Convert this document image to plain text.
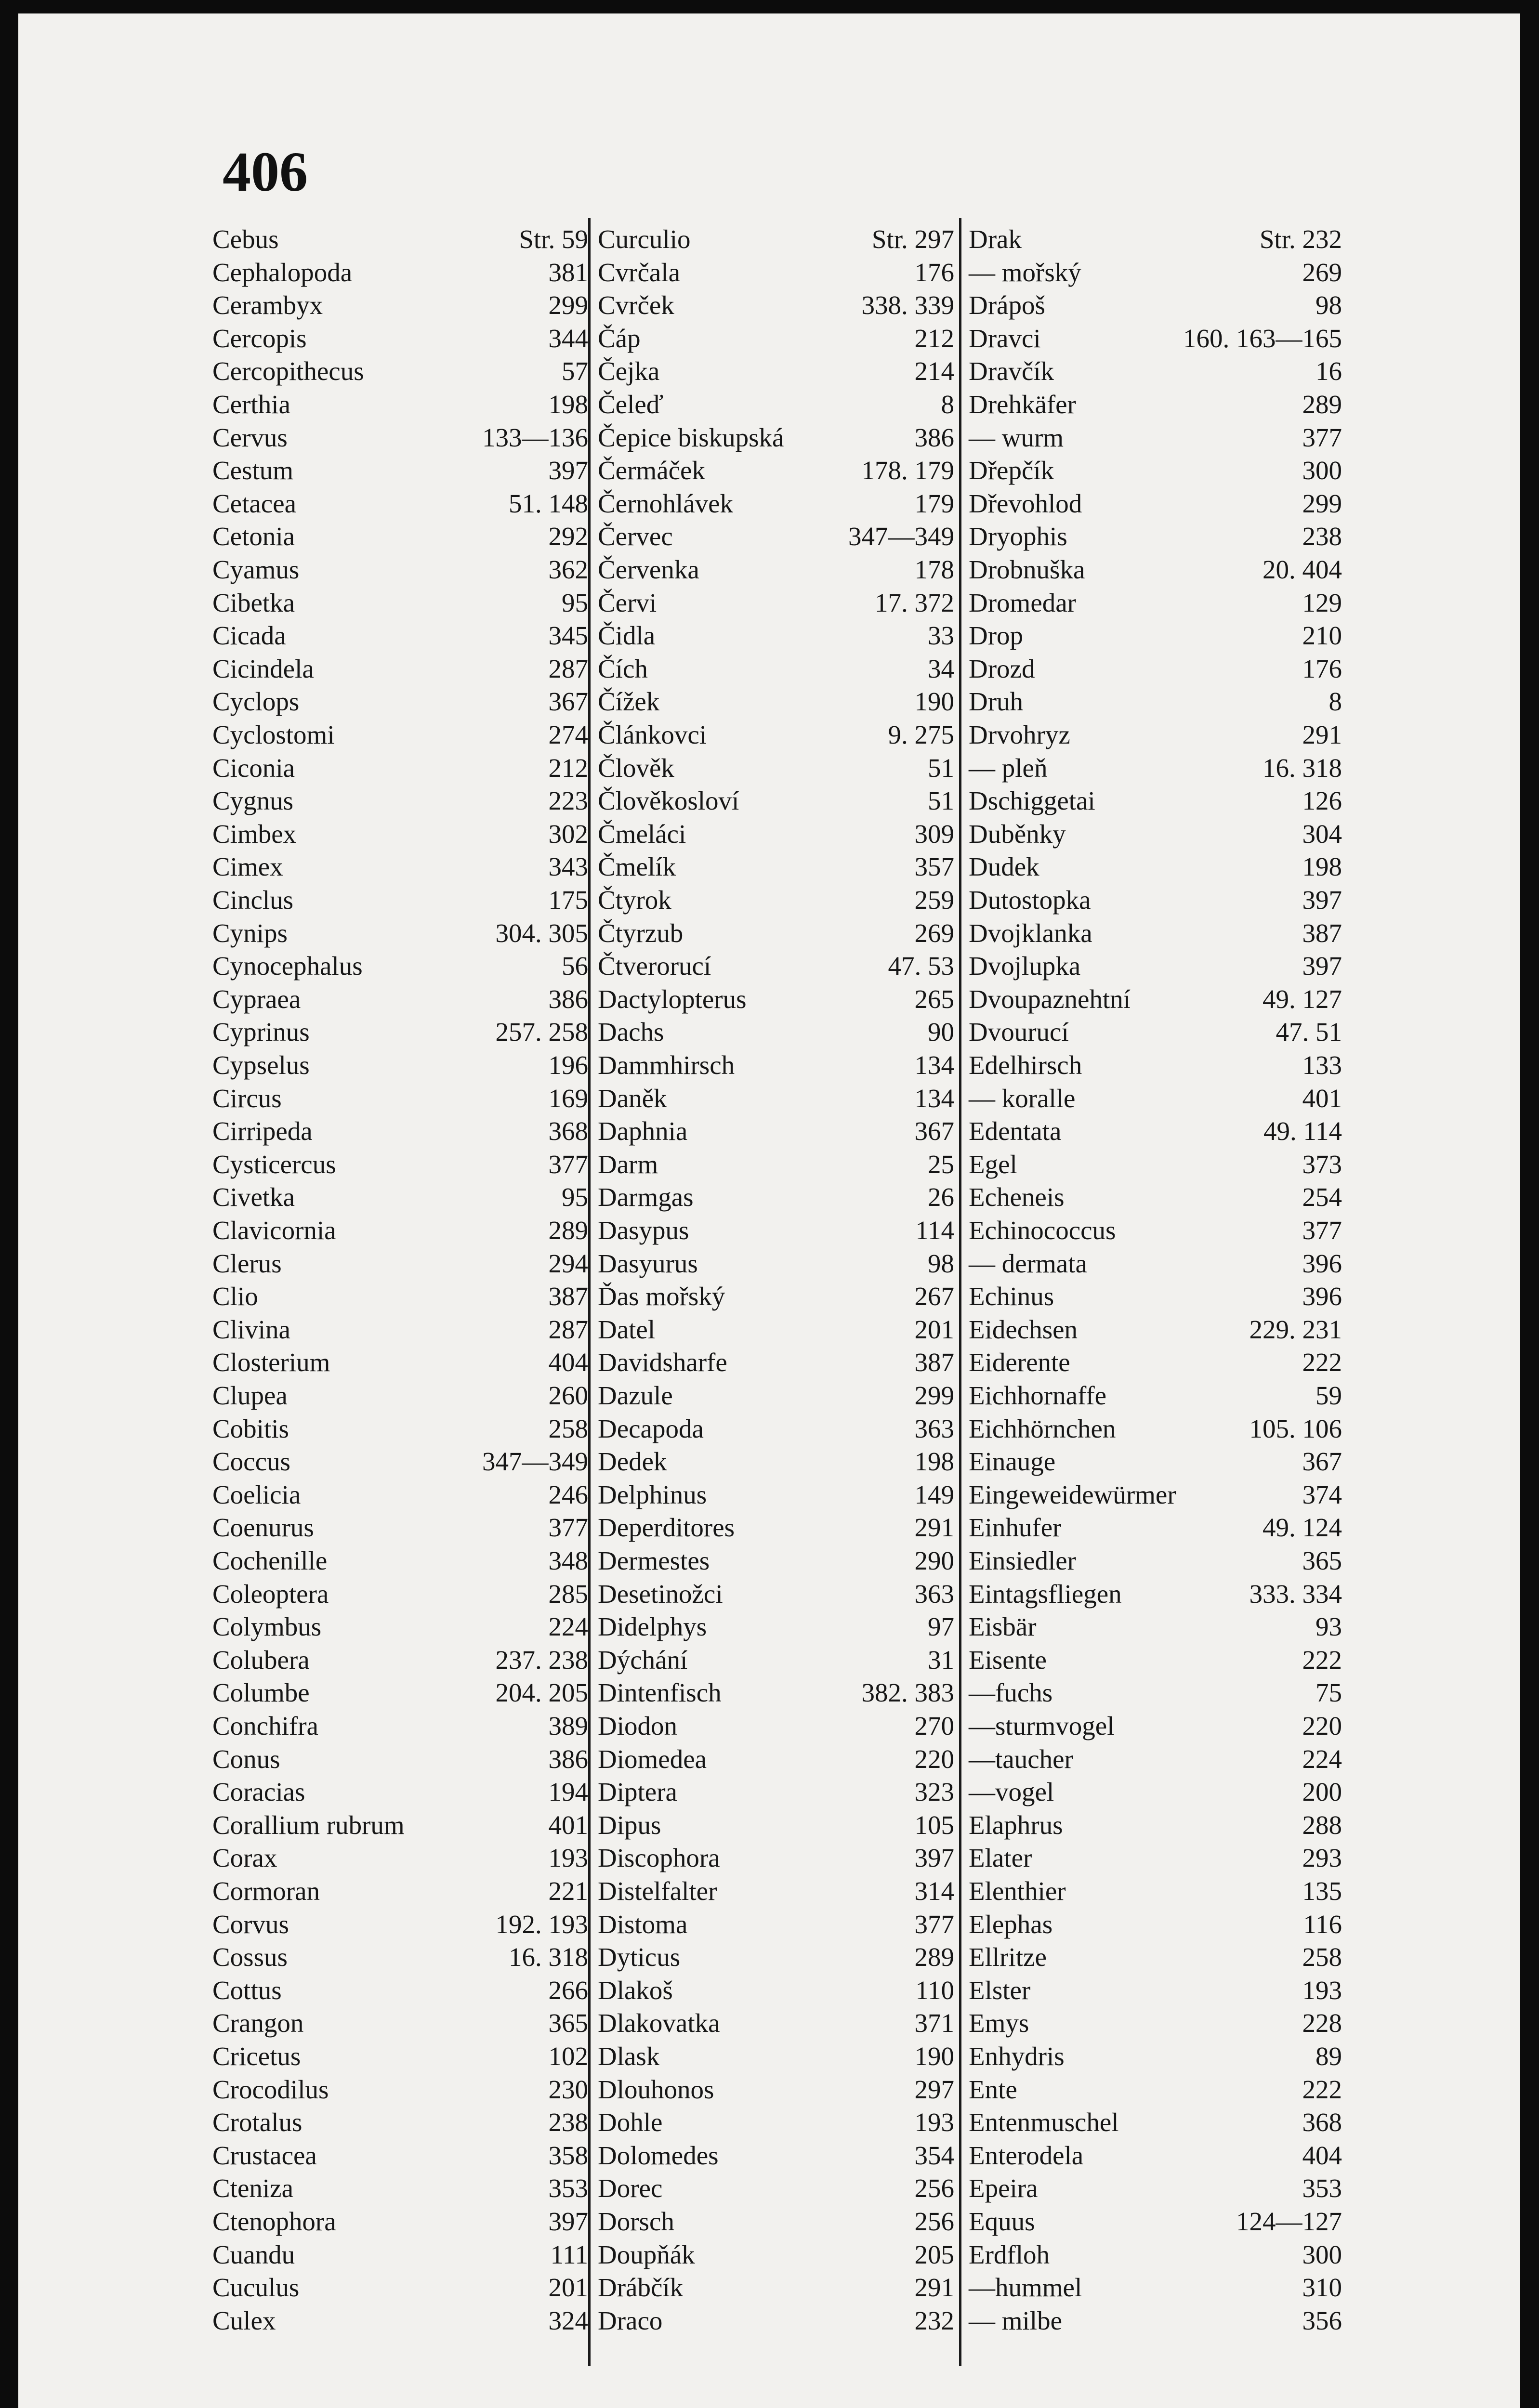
406
Cebus	Str. 59
Cephalopoda	381
Cerambyx	299
Cercopis	344
Cercopithecus	57
Certhia	198
Cervus	133—136
Cestum	397
Cetacea	51. 148
Cetonia	292
Cyamus	362
Cibetka	95
Cicada	345
Cicindela	287
Cyclops	367
Cyclostomi	274
Ciconia	212
Cygnus	223
Cimbex	302
Cimex	343
Cinclus	175
Cynips	304. 305
Cynocephalus	56
Cypraea	386
Cyprinus	257. 258
Cypselus	196
Circus	169
Cirripeda	368
Cysticercus	377
Civetka	95
Clavicornia	289
Clerus	294
Clio	387
Clivina	287
Closterium	404
Clupea	260
Cobitis	258
Coccus	347—349
Coelicia	246
Coenurus	377
Cochenille	348
Coleoptera	285
Colymbus	224
Colubera	237. 238
Columbe	204. 205
Conchifra	389
Conus	386
Coracias	194
Corallium rubrum	401
Corax	193
Cormoran	221
Corvus	192. 193
Cossus	16. 318
Cottus	266
Crangon	365
Cricetus	102
Crocodilus	230
Crotalus	238
Crustacea	358
Cteniza	353
Ctenophora	397
Cuandu	111
Cuculus	201
Culex	324
Curculio	Str. 297
Cvrčala	176
Cvrček	338. 339
Čáp	212
Čejka	214
Čeleď	8
Čepice biskupská	386
Čermáček	178. 179
Černohlávek	179
Červec	347—349
Červenka	178
Červi	17. 372
Čidla	33
Čích	34
Čížek	190
Článkovci	9. 275
Člověk	51
Člověkosloví	51
Čmeláci	309
Čmelík	357
Čtyrok	259
Čtyrzub	269
Čtverorucí	47. 53
Dactylopterus	265
Dachs	90
Dammhirsch	134
Daněk	134
Daphnia	367
Darm	25
Darmgas	26
Dasypus	114
Dasyurus	98
Ďas mořský	267
Datel	201
Davidsharfe	387
Dazule	299
Decapoda	363
Dedek	198
Delphinus	149
Deperditores	291
Dermestes	290
Desetinožci	363
Didelphys	97
Dýchání	31
Dintenfisch	382. 383
Diodon	270
Diomedea	220
Diptera	323
Dipus	105
Discophora	397
Distelfalter	314
Distoma	377
Dyticus	289
Dlakoš	110
Dlakovatka	371
Dlask	190
Dlouhonos	297
Dohle	193
Dolomedes	354
Dorec	256
Dorsch	256
Doupňák	205
Drábčík	291
Draco	232
Drak	Str. 232
— mořský	269
Drápoš	98
Dravci	160. 163—165
Dravčík	16
Drehkäfer	289
— wurm	377
Dřepčík	300
Dřevohlod	299
Dryophis	238
Drobnuška	20. 404
Dromedar	129
Drop	210
Drozd	176
Druh	8
Drvohryz	291
— pleň	16. 318
Dschiggetai	126
Duběnky	304
Dudek	198
Dutostopka	397
Dvojklanka	387
Dvojlupka	397
Dvoupaznehtní	49. 127
Dvourucí	47. 51
Edelhirsch	133
— koralle	401
Edentata	49. 114
Egel	373
Echeneis	254
Echinococcus	377
— dermata	396
Echinus	396
Eidechsen	229. 231
Eiderente	222
Eichhornaffe	59
Eichhörnchen	105. 106
Einauge	367
Eingeweidewürmer	374
Einhufer	49. 124
Einsiedler	365
Eintagsfliegen	333. 334
Eisbär	93
Eisente	222
—fuchs	75
—sturmvogel	220
—taucher	224
—vogel	200
Elaphrus	288
Elater	293
Elenthier	135
Elephas	116
Ellritze	258
Elster	193
Emys	228
Enhydris	89
Ente	222
Entenmuschel	368
Enterodela	404
Epeira	353
Equus	124—127
Erdfloh	300
—hummel	310
— milbe	356
